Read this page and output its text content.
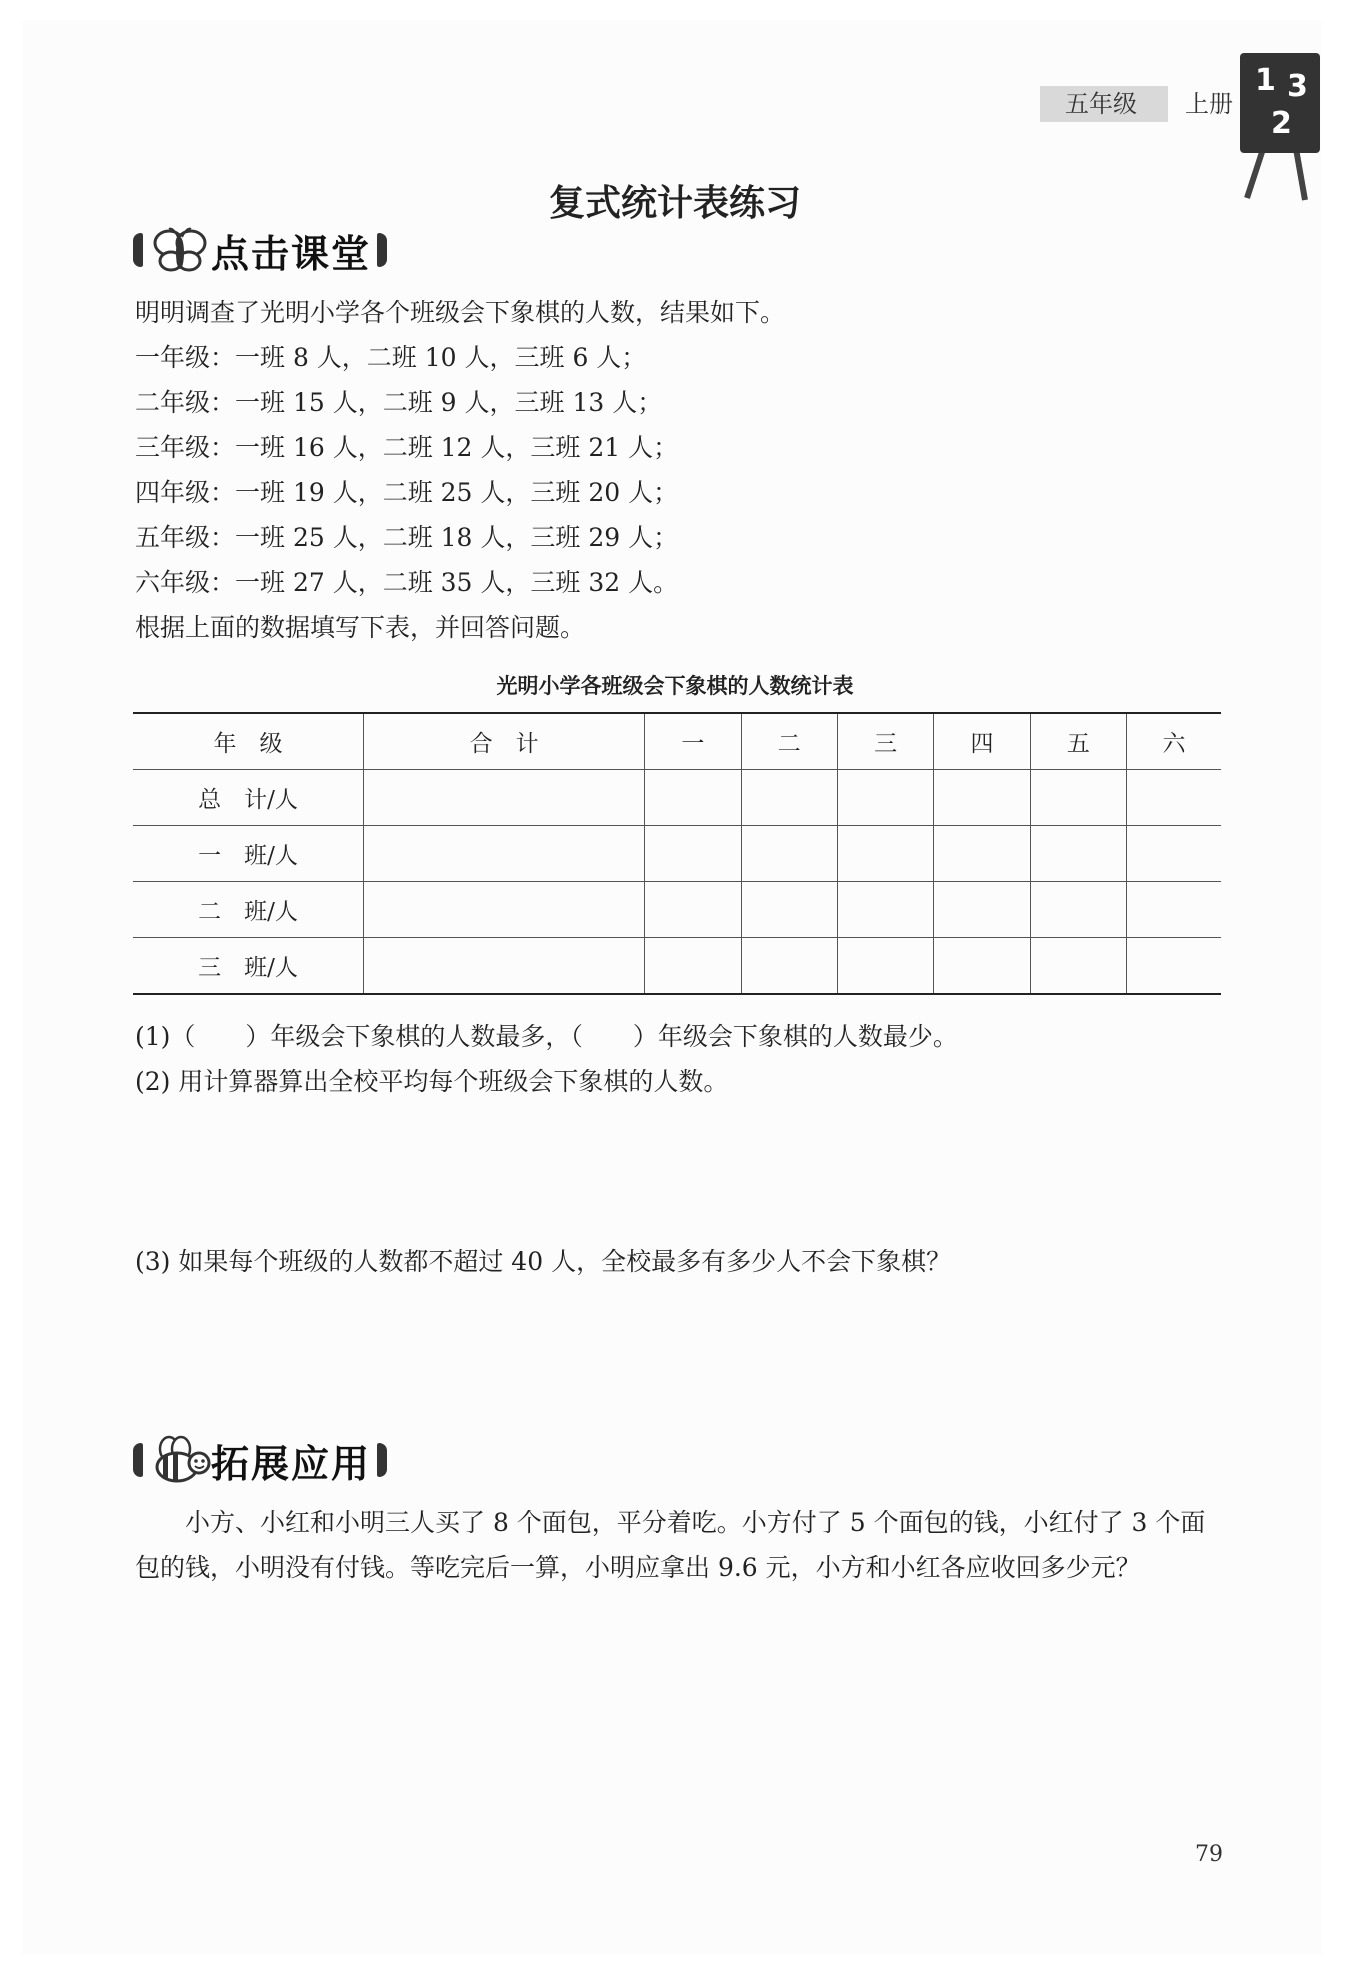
五年级 上册
1 3
2
复式统计表练习
点击课堂
明明调查了光明小学各个班级会下象棋的人数，结果如下。
一年级：一班 8 人，二班 10 人，三班 6 人；
二年级：一班 15 人，二班 9 人，三班 13 人；
三年级：一班 16 人，二班 12 人，三班 21 人；
四年级：一班 19 人，二班 25 人，三班 20 人；
五年级：一班 25 人，二班 18 人，三班 29 人；
六年级：一班 27 人，二班 35 人，三班 32 人。
根据上面的数据填写下表，并回答问题。
光明小学各班级会下象棋的人数统计表
年　级	合　计	一	二	三	四	五	六
总　计/人							
一　班/人							
二　班/人							
三　班/人							
(1)（　　）年级会下象棋的人数最多，（　　）年级会下象棋的人数最少。
(2) 用计算器算出全校平均每个班级会下象棋的人数。
(3) 如果每个班级的人数都不超过 40 人，全校最多有多少人不会下象棋？
拓展应用
小方、小红和小明三人买了 8 个面包，平分着吃。小方付了 5 个面包的钱，小红付了 3 个面包的钱，小明没有付钱。等吃完后一算，小明应拿出 9.6 元，小方和小红各应收回多少元？
79
